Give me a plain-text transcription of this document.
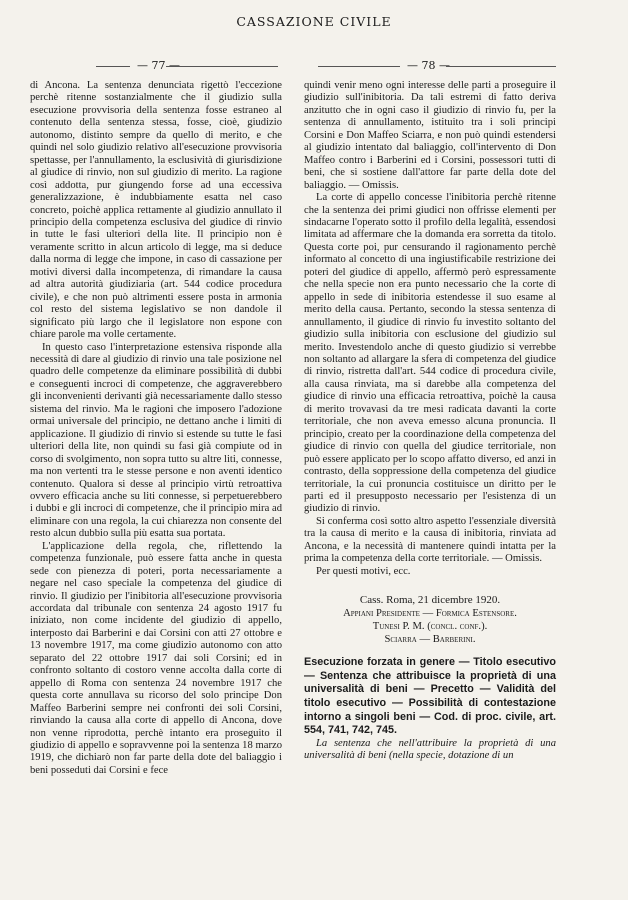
CASSAZIONE CIVILE
— 77 —	— 78 —

di Ancona. La sentenza denunciata rigettò l'eccezione perchè ritenne sostanzialmente che il giudizio sulla esecuzione provvisoria della sentenza fosse estraneo al contenuto della sentenza stessa, fosse, cioè, giudizio autonomo, distinto sempre da quello di merito, e che quindi nel solo giudizio relativo all'esecuzione provvisoria spettasse, per l'annullamento, la esclusività di giurisdizione al giudice di rinvio, non sul giudizio di merito. La ragione così addotta, pur giungendo forse ad una eccessiva generalizzazione, è indubbiamente esatta nel caso concreto, poichè applica rettamente al giudizio annullato il principio della competenza esclusiva del giudice di rinvio in tutte le fasi ulteriori della lite. Il principio non è veramente scritto in alcun articolo di legge, ma si deduce dalla norma di legge che impone, in caso di cassazione per motivi diversi dalla incompetenza, di rimandare la causa ad altra autorità giudiziaria (art. 544 codice procedura civile), e che non può altrimenti essere posta in armonia col resto del sistema legislativo se non dandole il significato più largo che il legislatore non espone con chiare parole ma volle certamente.

In questo caso l'interpretazione estensiva risponde alla necessità di dare al giudizio di rinvio una tale posizione nel quadro delle competenze da eliminare possibilità di dubbi e conseguenti incroci di competenze, che aggraverebbero gli inconvenienti derivanti già necessariamente dallo stesso sistema del rinvio. Ma le ragioni che imposero l'adozione ormai universale del principio, ne dettano anche i limiti di applicazione. Il giudizio di rinvio si estende su tutte le fasi ulteriori della lite, non quindi su fasi già compiute od in corso di svolgimento, non sopra tutto su altre liti, connesse, ma non vertenti tra le stesse persone e non aventi identico contenuto. Qualora si desse al principio virtù retroattiva ovvero efficacia anche su liti connesse, si perpetuerebbero i dubbi e gli incroci di competenze, che il principio mira ad eliminare con una regola, la cui chiarezza non consente del resto alcun dubbio sulla più esatta sua portata.

L'applicazione della regola, che, riflettendo la competenza funzionale, può essere fatta anche in questa sede con pienezza di poteri, porta necessariamente a negare nel caso speciale la competenza del giudice di rinvio. Il giudizio per l'inibitoria all'esecuzione provvisoria accordata dal tribunale con sentenza 24 agosto 1917 fu iniziato, non come incidente del giudizio di appello, interposto dai Barberini e dai Corsini con atti 27 ottobre e 13 novembre 1917, ma come giudizio autonomo con atto separato del 22 ottobre 1917 dai soli Corsini; ed in confronto soltanto di costoro venne accolta dalla corte di appello di Roma con sentenza 24 novembre 1917 che questa corte annullava su ricorso del solo principe Don Maffeo Barberini sempre nei confronti dei soli Corsini, rinviando la causa alla corte di appello di Ancona, dove non venne riprodotta, perchè intanto era proseguito il giudizio di appello e sopravvenne poi la sentenza 18 marzo 1919, che dichiarò non far parte della dote del baliaggio i beni posseduti dai Corsini e fece

quindi venir meno ogni interesse delle parti a proseguire il giudizio sull'inibitoria. Da tali estremi di fatto deriva anzitutto che in ogni caso il giudizio di rinvio fu, per la sentenza di annullamento, istituito tra i soli principi Corsini e Don Maffeo Sciarra, e non può quindi estendersi al giudizio intentato dal baliaggio, coll'intervento di Don Maffeo contro i Barberini ed i Corsini, possessori tutti di beni, che si sostiene dall'attore far parte della dote del baliaggio. — Omissis.

La corte di appello concesse l'inibitoria perchè ritenne che la sentenza dei primi giudici non offrisse elementi per sindacarne l'operato sotto il profilo della legalità, essendosi limitata ad affermare che la domanda era sorretta da titolo. Questa corte poi, pur censurando il ragionamento perchè informato al concetto di una ingiustificabile restrizione dei poteri del giudice di appello, affermò però espressamente che nella specie non era punto necessario che la corte di appello in sede di inibitoria estendesse il suo esame al merito della causa. Pertanto, secondo la stessa sentenza di annullamento, il giudice di rinvio fu investito soltanto del giudizio sulla inibitoria con esclusione del giudizio sul merito. Investendolo anche di questo giudizio si verrebbe non soltanto ad allargare la sfera di competenza del giudice di rinvio, ristretta dall'art. 544 codice di procedura civile, alla causa rinviata, ma si darebbe alla competenza del giudice di rinvio una efficacia retroattiva, poichè la causa di merito trovavasi da tre mesi radicata davanti la corte territoriale, che non aveva emesso alcuna pronuncia. Il principio, creato per la coordinazione della competenza del giudice di rinvio con quella del giudice territoriale, non può essere applicato per lo scopo affatto diverso, ed anzi in contrasto, della soppressione della competenza del giudice territoriale, la cui pronuncia costituisce un diritto per le parti ed il presupposto necessario per l'esistenza di un giudizio di rinvio.

Si conferma così sotto altro aspetto l'essenziale diversità tra la causa di merito e la causa di inibitoria, rinviata ad Ancona, e la necessità di mantenere quindi intatta per la prima la competenza della corte territoriale. — Omissis.

Per questi motivi, ecc.

Cass. Roma, 21 dicembre 1920.
Appiani Presidente — Formica Estensore.
Tunesi P. M. (concl. conf.).
Sciarra — Barberini.
Esecuzione forzata in genere — Titolo esecutivo — Sentenza che attribuisce la proprietà di una universalità di beni — Precetto — Validità del titolo esecutivo — Possibilità di contestazione intorno a singoli beni — Cod. di proc. civile, art. 554, 741, 742, 745.

La sentenza che nell'attribuire la proprietà di una universalità di beni (nella specie, dotazione di un
